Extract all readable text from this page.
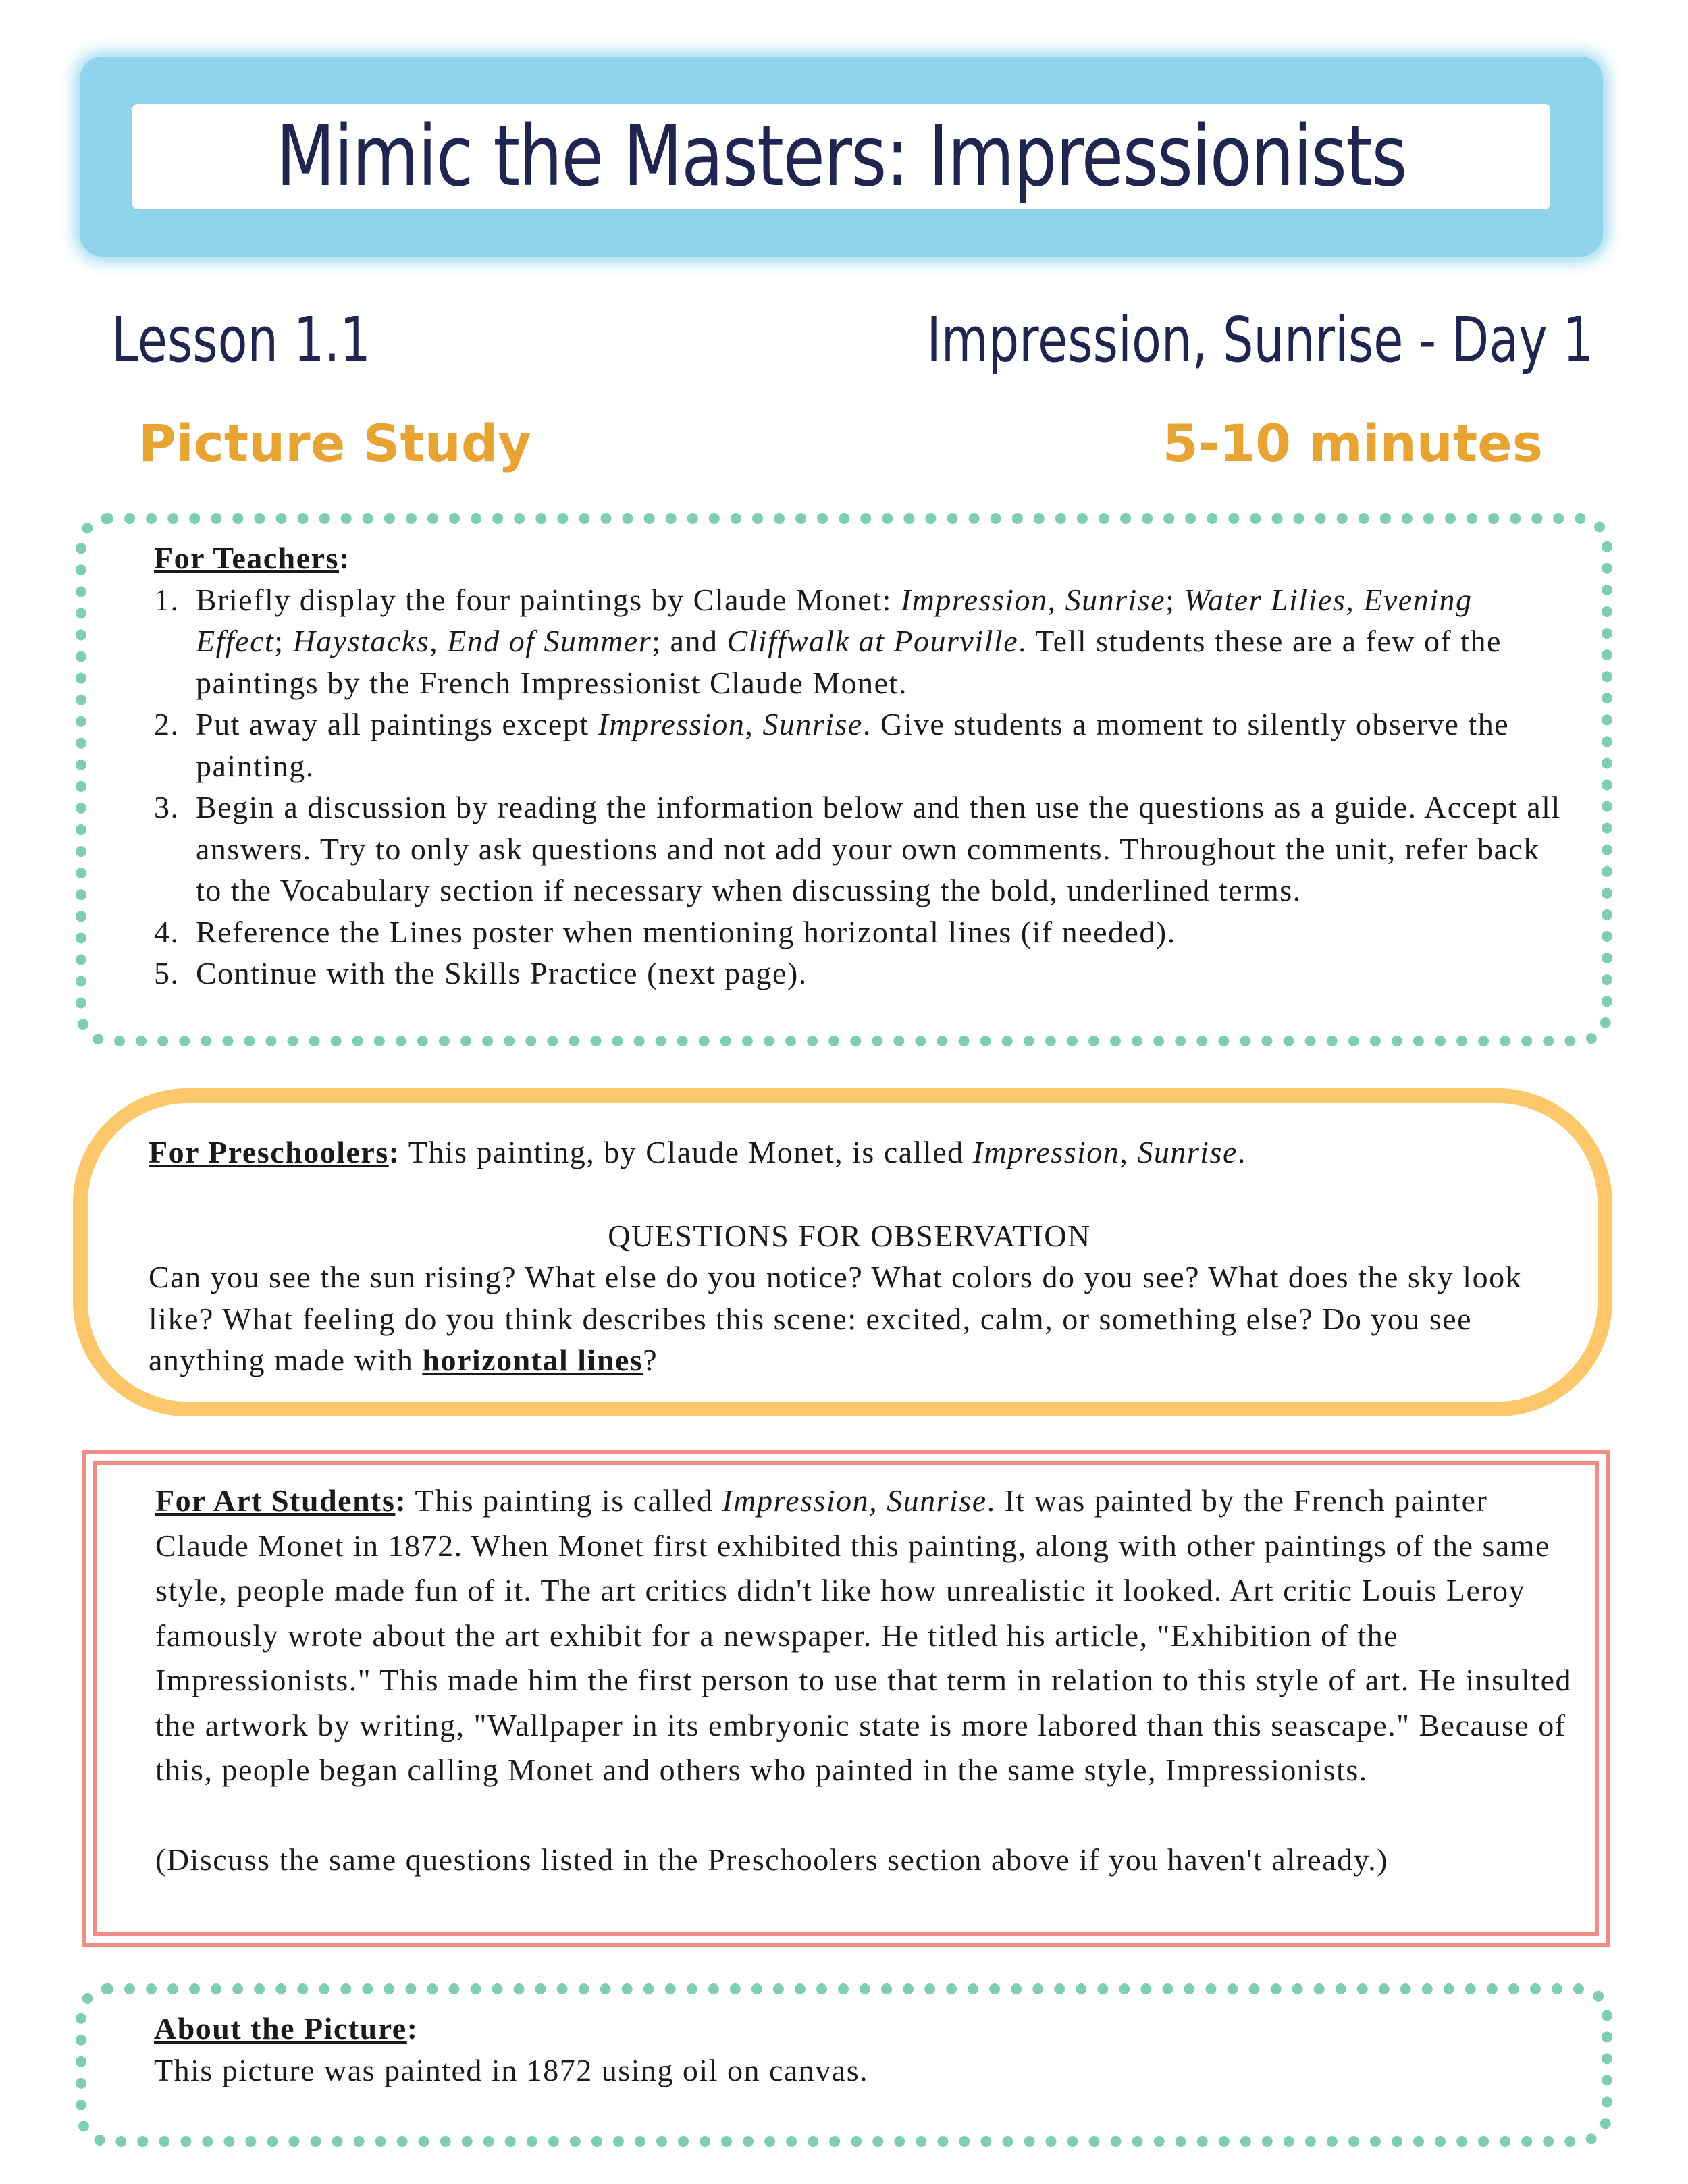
Mimic the Masters: Impressionists
Lesson 1.1	Impression, Sunrise - Day 1
Picture Study	5-10 minutes
For Teachers:
1. Briefly display the four paintings by Claude Monet: Impression, Sunrise; Water Lilies, Evening Effect; Haystacks, End of Summer; and Cliffwalk at Pourville. Tell students these are a few of the paintings by the French Impressionist Claude Monet.
2. Put away all paintings except Impression, Sunrise. Give students a moment to silently observe the painting.
3. Begin a discussion by reading the information below and then use the questions as a guide. Accept all answers. Try to only ask questions and not add your own comments. Throughout the unit, refer back to the Vocabulary section if necessary when discussing the bold, underlined terms.
4. Reference the Lines poster when mentioning horizontal lines (if needed).
5. Continue with the Skills Practice (next page).
For Preschoolers: This painting, by Claude Monet, is called Impression, Sunrise.
QUESTIONS FOR OBSERVATION
Can you see the sun rising? What else do you notice? What colors do you see? What does the sky look like? What feeling do you think describes this scene: excited, calm, or something else? Do you see anything made with horizontal lines?
For Art Students: This painting is called Impression, Sunrise. It was painted by the French painter Claude Monet in 1872. When Monet first exhibited this painting, along with other paintings of the same style, people made fun of it. The art critics didn't like how unrealistic it looked. Art critic Louis Leroy famously wrote about the art exhibit for a newspaper. He titled his article, "Exhibition of the Impressionists." This made him the first person to use that term in relation to this style of art. He insulted the artwork by writing, "Wallpaper in its embryonic state is more labored than this seascape." Because of this, people began calling Monet and others who painted in the same style, Impressionists.
(Discuss the same questions listed in the Preschoolers section above if you haven't already.)
About the Picture:
This picture was painted in 1872 using oil on canvas.
